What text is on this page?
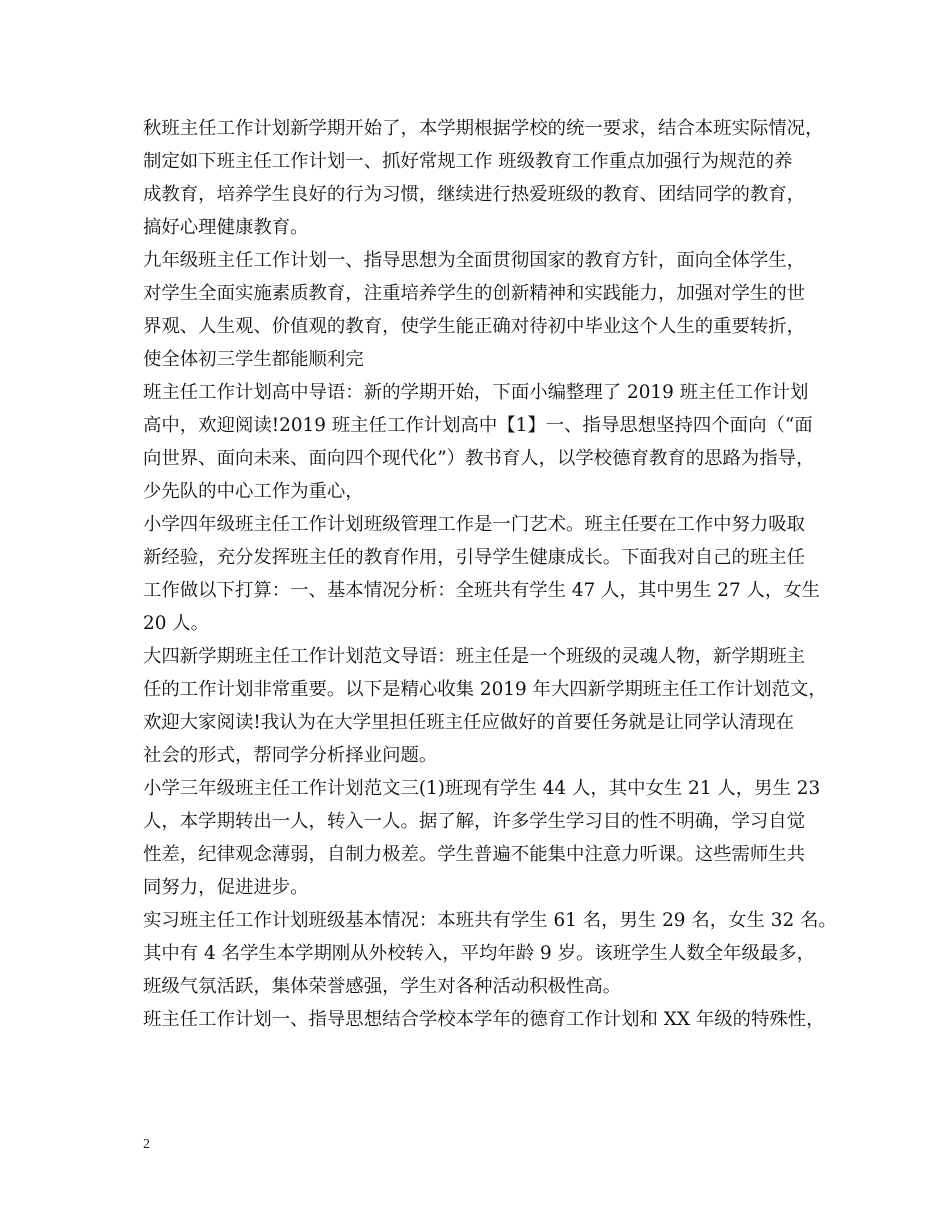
秋班主任工作计划新学期开始了，本学期根据学校的统一要求，结合本班实际情况，
制定如下班主任工作计划一、抓好常规工作 班级教育工作重点加强行为规范的养
成教育，培养学生良好的行为习惯，继续进行热爱班级的教育、团结同学的教育，
搞好心理健康教育。
九年级班主任工作计划一、指导思想为全面贯彻国家的教育方针，面向全体学生，
对学生全面实施素质教育，注重培养学生的创新精神和实践能力，加强对学生的世
界观、人生观、价值观的教育，使学生能正确对待初中毕业这个人生的重要转折，
使全体初三学生都能顺利完
班主任工作计划高中导语：新的学期开始，下面小编整理了 2019 班主任工作计划
高中，欢迎阅读!2019 班主任工作计划高中【1】一、指导思想坚持四个面向（“面
向世界、面向未来、面向四个现代化”）教书育人，以学校德育教育的思路为指导，
少先队的中心工作为重心，
小学四年级班主任工作计划班级管理工作是一门艺术。班主任要在工作中努力吸取
新经验，充分发挥班主任的教育作用，引导学生健康成长。下面我对自己的班主任
工作做以下打算：一、基本情况分析：全班共有学生 47 人，其中男生 27 人，女生
20 人。
大四新学期班主任工作计划范文导语：班主任是一个班级的灵魂人物，新学期班主
任的工作计划非常重要。以下是精心收集 2019 年大四新学期班主任工作计划范文，
欢迎大家阅读!我认为在大学里担任班主任应做好的首要任务就是让同学认清现在
社会的形式，帮同学分析择业问题。
小学三年级班主任工作计划范文三(1)班现有学生 44 人，其中女生 21 人，男生 23
人，本学期转出一人，转入一人。据了解，许多学生学习目的性不明确，学习自觉
性差，纪律观念薄弱，自制力极差。学生普遍不能集中注意力听课。这些需师生共
同努力，促进进步。
实习班主任工作计划班级基本情况：本班共有学生 61 名，男生 29 名，女生 32 名。
其中有 4 名学生本学期刚从外校转入，平均年龄 9 岁。该班学生人数全年级最多，
班级气氛活跃，集体荣誉感强，学生对各种活动积极性高。
班主任工作计划一、指导思想结合学校本学年的德育工作计划和 XX 年级的特殊性，
2
